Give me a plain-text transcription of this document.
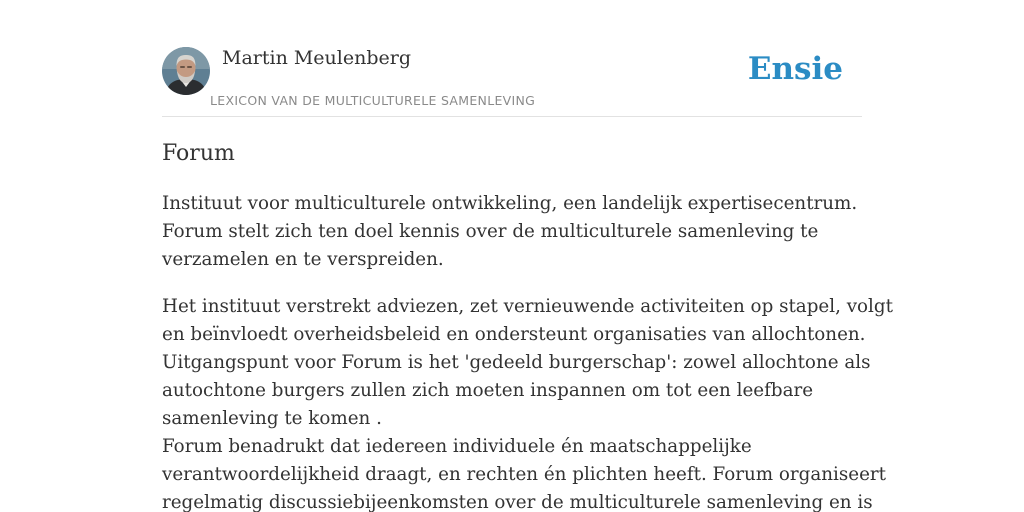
Martin Meulenberg
LEXICON VAN DE MULTICULTURELE SAMENLEVING
Ensie
Forum

Instituut voor multiculturele ontwikkeling, een landelijk expertisecentrum.
Forum stelt zich ten doel kennis over de multiculturele samenleving te
verzamelen en te verspreiden.

Het instituut verstrekt adviezen, zet vernieuwende activiteiten op stapel, volgt
en beïnvloedt overheidsbeleid en ondersteunt organisaties van allochtonen.
Uitgangspunt voor Forum is het 'gedeeld burgerschap': zowel allochtone als
autochtone burgers zullen zich moeten inspannen om tot een leefbare
samenleving te komen .
Forum benadrukt dat iedereen individuele én maatschappelijke
verantwoordelijkheid draagt, en rechten én plichten heeft. Forum organiseert
regelmatig discussiebijeenkomsten over de multiculturele samenleving en is
